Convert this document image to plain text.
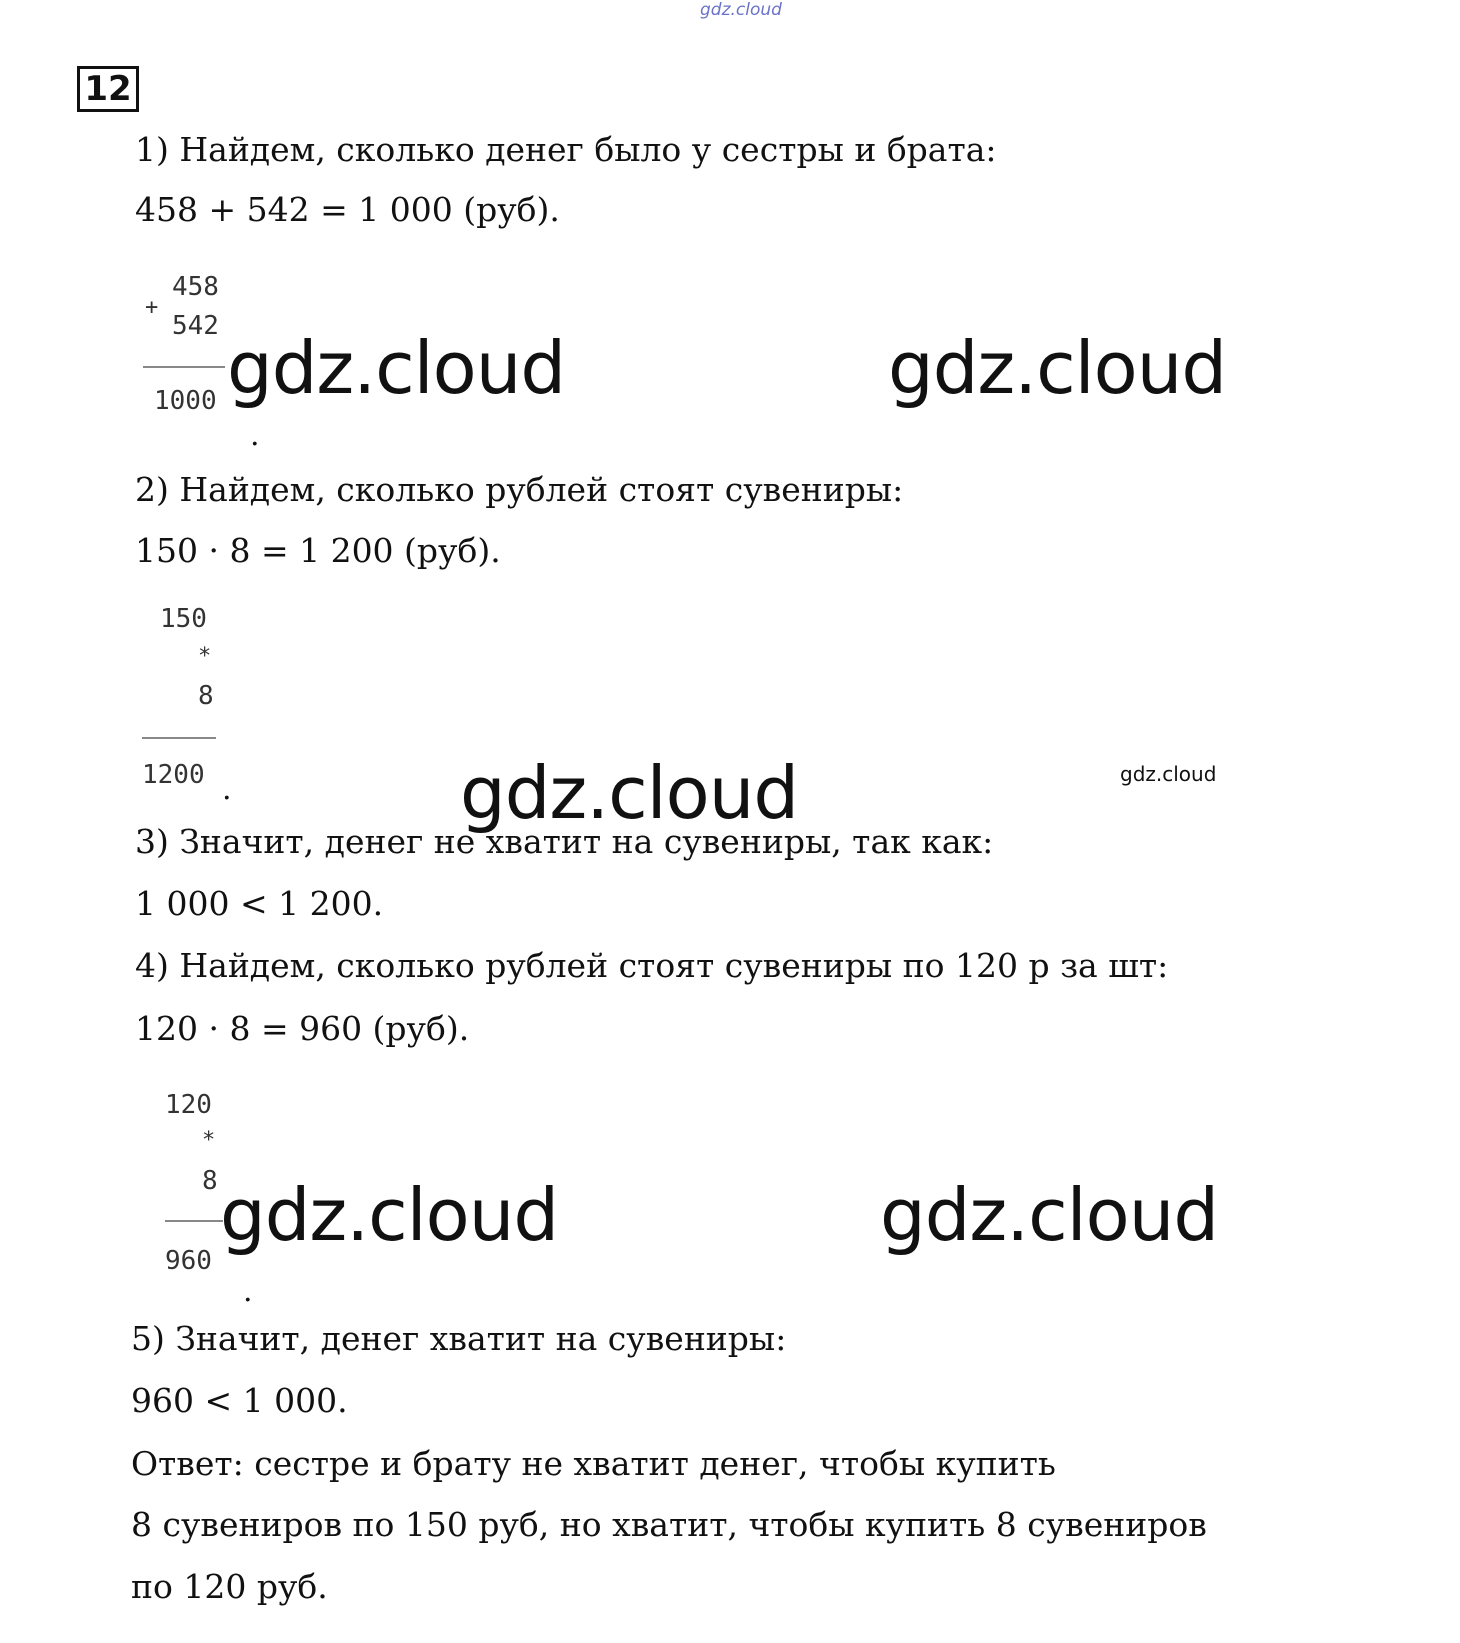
gdz.cloud
12
1) Найдем, сколько денег было у сестры и брата:
458 + 542 = 1 000 (руб).
458
+
542
1000
.
gdz.cloud	gdz.cloud
2) Найдем, сколько рублей стоят сувениры:
150 · 8 = 1 200 (руб).
150
*
8
1200 .	gdz.cloud	gdz.cloud
3) Значит, денег не хватит на сувениры, так как:
1 000 < 1 200.
4) Найдем, сколько рублей стоят сувениры по 120 р за шт:
120 · 8 = 960 (руб).
120
*
8
960
.
gdz.cloud	gdz.cloud
5) Значит, денег хватит на сувениры:
960 < 1 000.
Ответ: сестре и брату не хватит денег, чтобы купить
8 сувениров по 150 руб, но хватит, чтобы купить 8 сувениров
по 120 руб.
